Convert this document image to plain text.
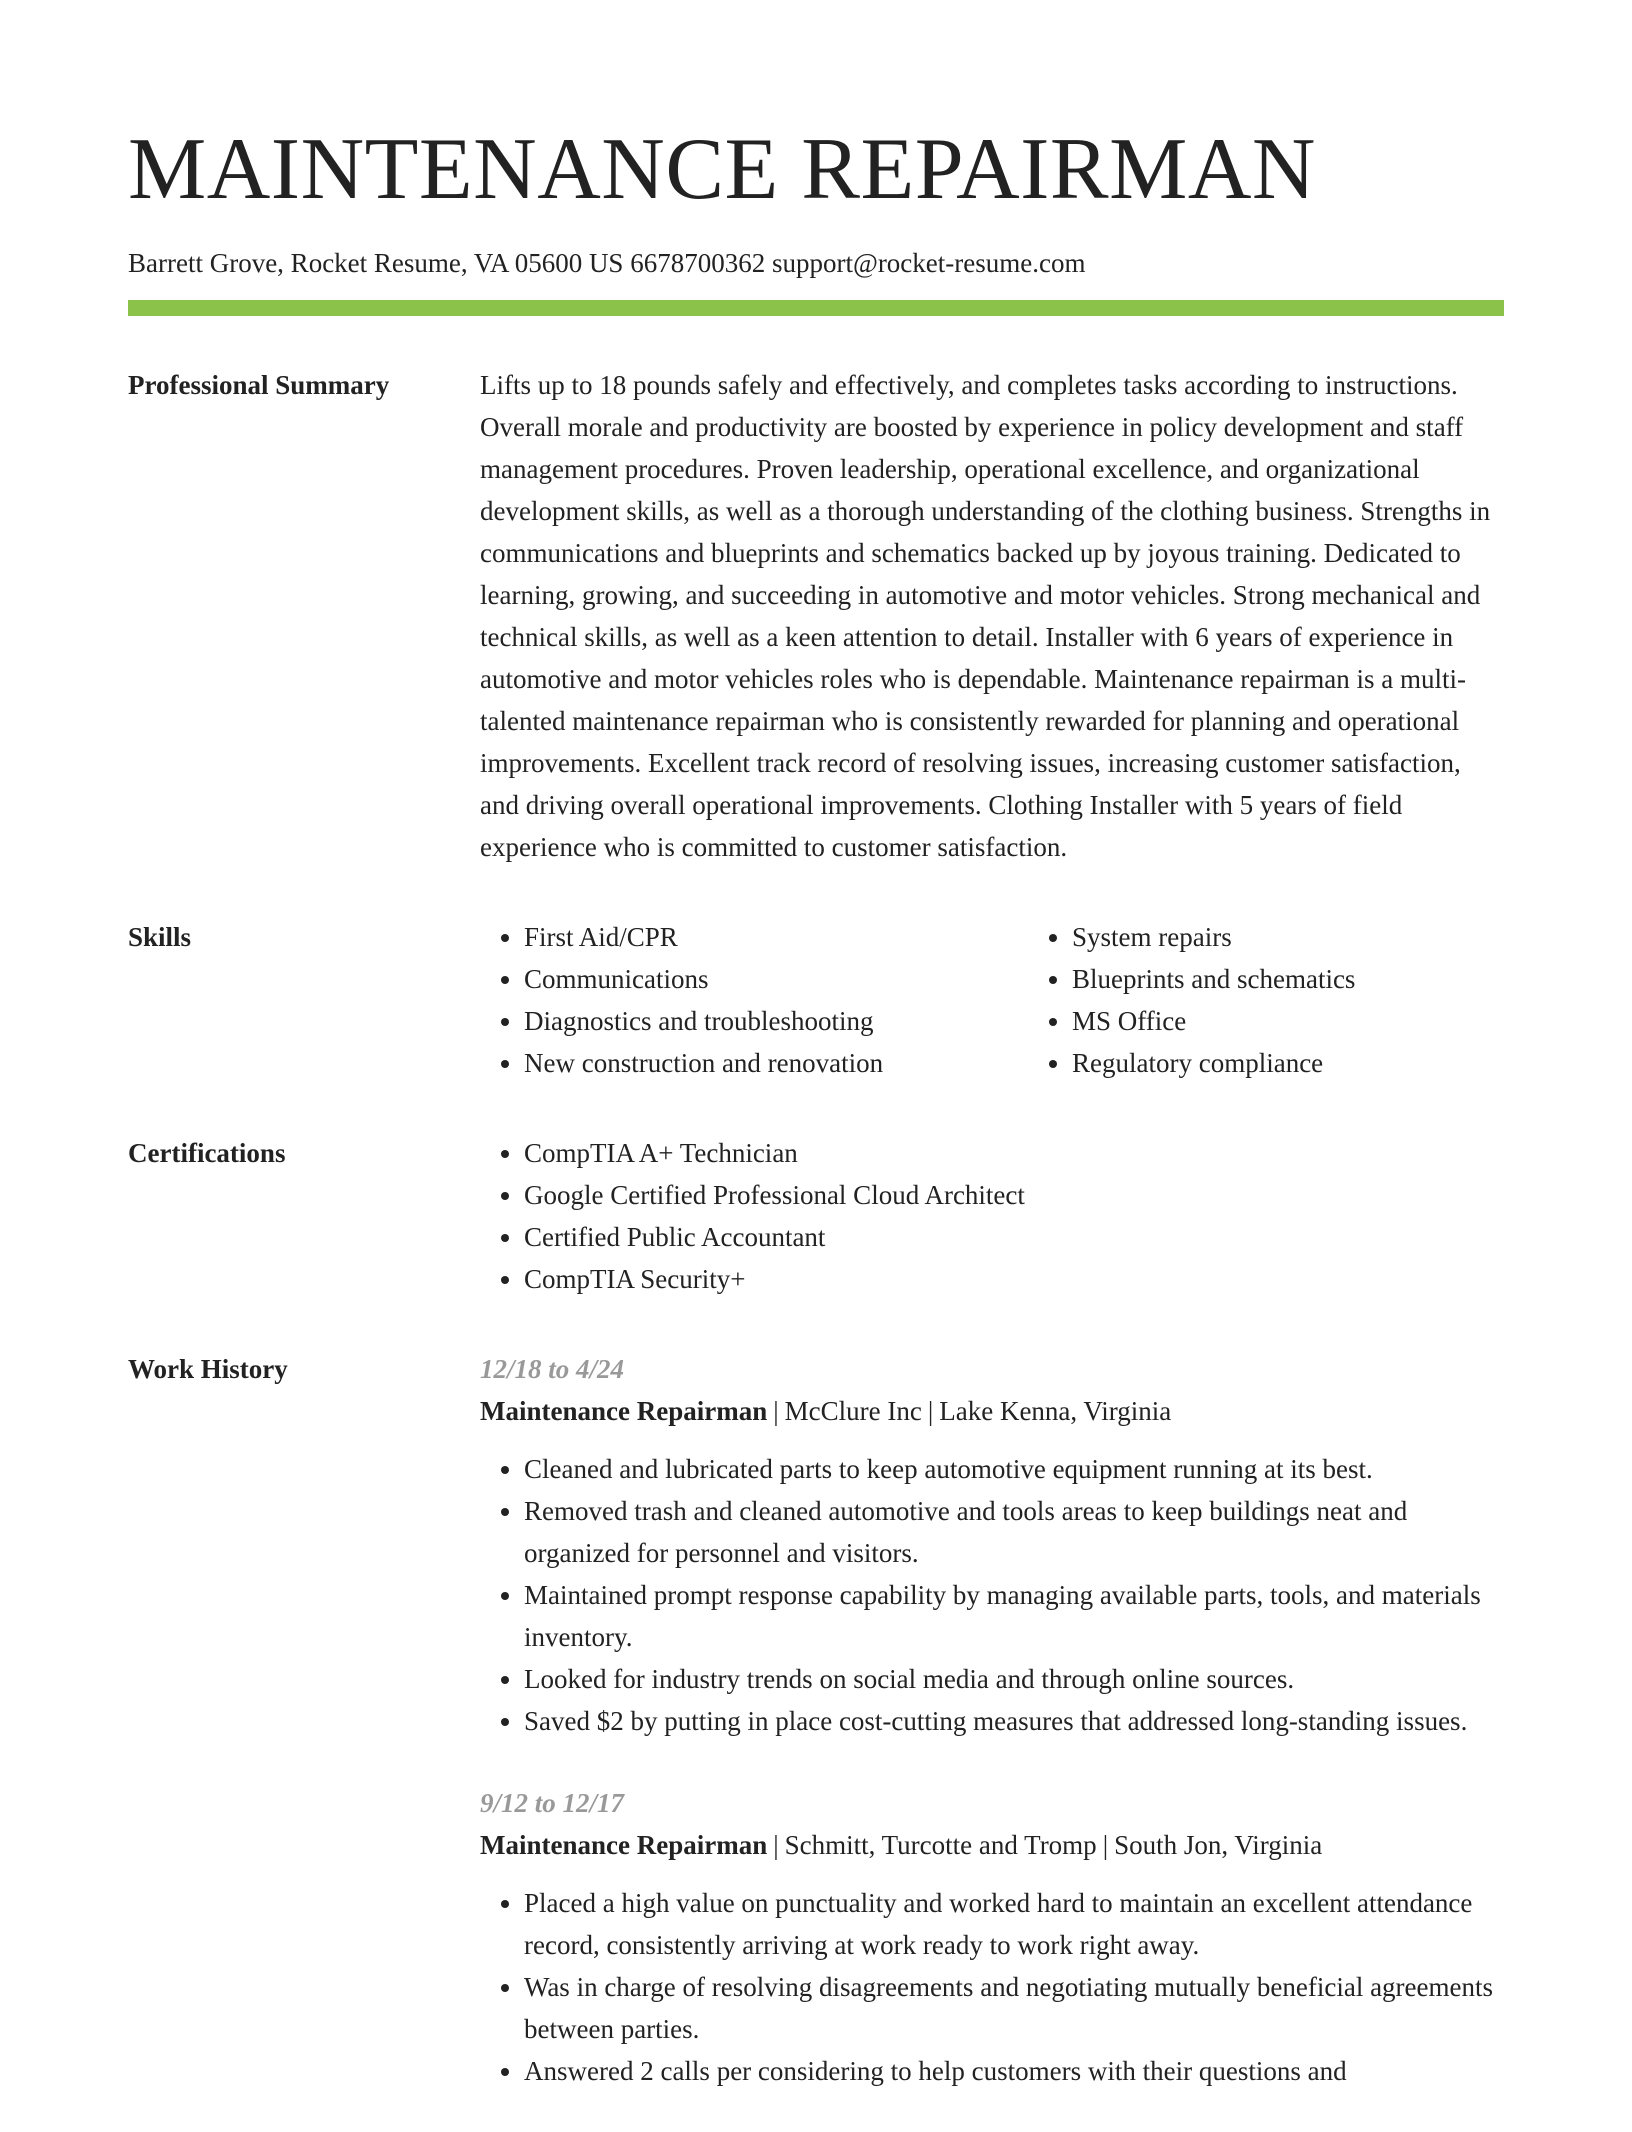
MAINTENANCE REPAIRMAN
Barrett Grove, Rocket Resume, VA 05600 US 6678700362 support@rocket-resume.com
Professional Summary	Lifts up to 18 pounds safely and effectively, and completes tasks according to instructions. Overall morale and productivity are boosted by experience in policy development and staff management procedures. Proven leadership, operational excellence, and organizational development skills, as well as a thorough understanding of the clothing business. Strengths in communications and blueprints and schematics backed up by joyous training. Dedicated to learning, growing, and succeeding in automotive and motor vehicles. Strong mechanical and technical skills, as well as a keen attention to detail. Installer with 6 years of experience in automotive and motor vehicles roles who is dependable. Maintenance repairman is a multi-talented maintenance repairman who is consistently rewarded for planning and operational improvements. Excellent track record of resolving issues, increasing customer satisfaction, and driving overall operational improvements. Clothing Installer with 5 years of field experience who is committed to customer satisfaction.

Skills	• First Aid/CPR
• Communications
• Diagnostics and troubleshooting
• New construction and renovation
• System repairs
• Blueprints and schematics
• MS Office
• Regulatory compliance
Certifications	• CompTIA A+ Technician
• Google Certified Professional Cloud Architect
• Certified Public Accountant
• CompTIA Security+
Work History	12/18 to 4/24
Maintenance Repairman | McClure Inc | Lake Kenna, Virginia
• Cleaned and lubricated parts to keep automotive equipment running at its best.
• Removed trash and cleaned automotive and tools areas to keep buildings neat and organized for personnel and visitors.
• Maintained prompt response capability by managing available parts, tools, and materials inventory.
• Looked for industry trends on social media and through online sources.
• Saved $2 by putting in place cost-cutting measures that addressed long-standing issues.
9/12 to 12/17
Maintenance Repairman | Schmitt, Turcotte and Tromp | South Jon, Virginia
• Placed a high value on punctuality and worked hard to maintain an excellent attendance record, consistently arriving at work ready to work right away.
• Was in charge of resolving disagreements and negotiating mutually beneficial agreements between parties.
• Answered 2 calls per considering to help customers with their questions and
